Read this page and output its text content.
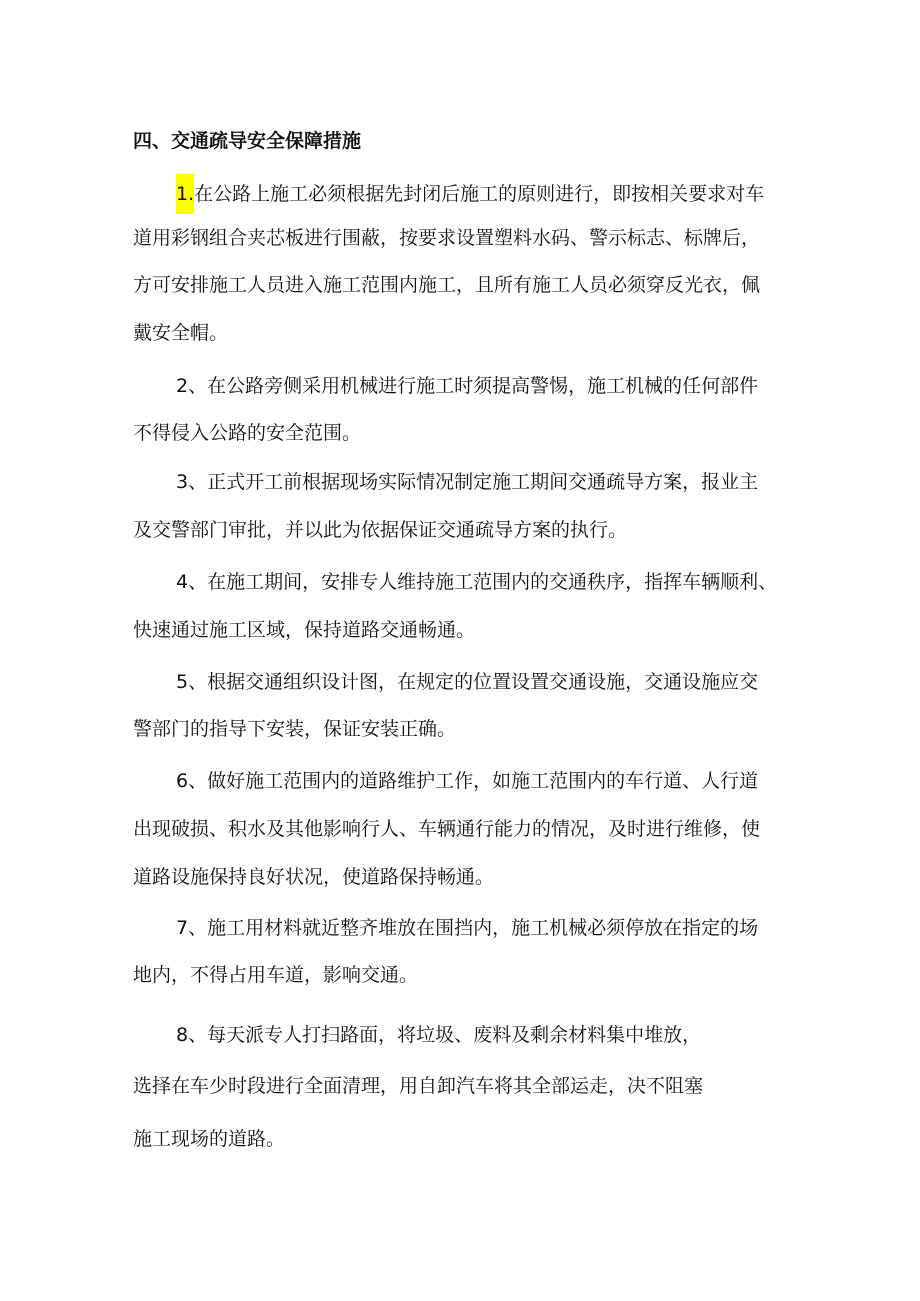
四、交通疏导安全保障措施
1.在公路上施工必须根据先封闭后施工的原则进行，即按相关要求对车
道用彩钢组合夹芯板进行围蔽，按要求设置塑料水码、警示标志、标牌后，
方可安排施工人员进入施工范围内施工，且所有施工人员必须穿反光衣，佩
戴安全帽。
2、在公路旁侧采用机械进行施工时须提高警惕，施工机械的任何部件
不得侵入公路的安全范围。
3、正式开工前根据现场实际情况制定施工期间交通疏导方案，报业主
及交警部门审批，并以此为依据保证交通疏导方案的执行。
4、在施工期间，安排专人维持施工范围内的交通秩序，指挥车辆顺利、
快速通过施工区域，保持道路交通畅通。
5、根据交通组织设计图，在规定的位置设置交通设施，交通设施应交
警部门的指导下安装，保证安装正确。
6、做好施工范围内的道路维护工作，如施工范围内的车行道、人行道
出现破损、积水及其他影响行人、车辆通行能力的情况，及时进行维修，使
道路设施保持良好状况，使道路保持畅通。
7、施工用材料就近整齐堆放在围挡内，施工机械必须停放在指定的场
地内，不得占用车道，影响交通。
8、每天派专人打扫路面，将垃圾、废料及剩余材料集中堆放，
选择在车少时段进行全面清理，用自卸汽车将其全部运走，决不阻塞
施工现场的道路。
